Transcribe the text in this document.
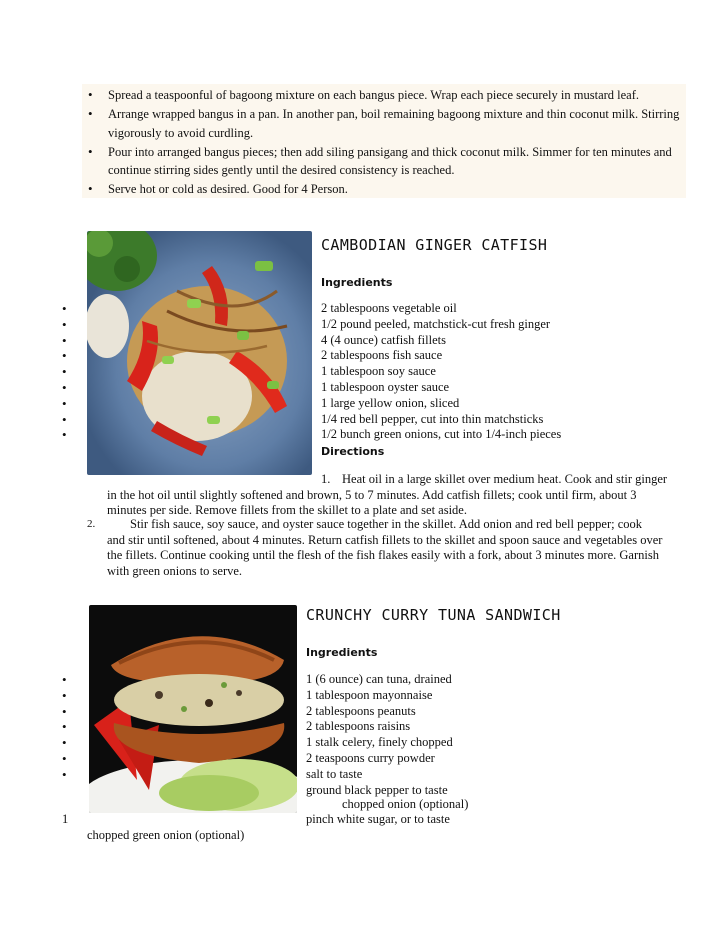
• Spread a teaspoonful of bagoong mixture on each bangus piece. Wrap each piece securely in mustard leaf.
• Arrange wrapped bangus in a pan. In another pan, boil remaining bagoong mixture and thin coconut milk. Stirring vigorously to avoid curdling.
• Pour into arranged bangus pieces; then add siling pansigang and thick coconut milk. Simmer for ten minutes and continue stirring sides gently until the desired consistency is reached.
• Serve hot or cold as desired. Good for 4 Person.
CAMBODIAN GINGER CATFISH
Ingredients
•
•
•
•
•
•
•
•
•
2 tablespoons vegetable oil
1/2 pound peeled, matchstick-cut fresh ginger
4 (4 ounce) catfish fillets
2 tablespoons fish sauce
1 tablespoon soy sauce
1 tablespoon oyster sauce
1 large yellow onion, sliced
1/4 red bell pepper, cut into thin matchsticks
1/2 bunch green onions, cut into 1/4-inch pieces
Directions
1. Heat oil in a large skillet over medium heat. Cook and stir ginger
in the hot oil until slightly softened and brown, 5 to 7 minutes. Add catfish fillets; cook until firm, about 3 minutes per side. Remove fillets from the skillet to a plate and set aside.
2.	Stir fish sauce, soy sauce, and oyster sauce together in the skillet. Add onion and red bell pepper; cook
and stir until softened, about 4 minutes. Return catfish fillets to the skillet and spoon sauce and vegetables over the fillets. Continue cooking until the flesh of the fish flakes easily with a fork, about 3 minutes more. Garnish with green onions to serve.
CRUNCHY CURRY TUNA SANDWICH
Ingredients
•
•
•
•
•
•
•
1 (6 ounce) can tuna, drained
1 tablespoon mayonnaise
2 tablespoons peanuts
2 tablespoons raisins
1 stalk celery, finely chopped
2 teaspoons curry powder
salt to taste
ground black pepper to taste
chopped onion (optional)
1	pinch white sugar, or to taste
chopped green onion (optional)
